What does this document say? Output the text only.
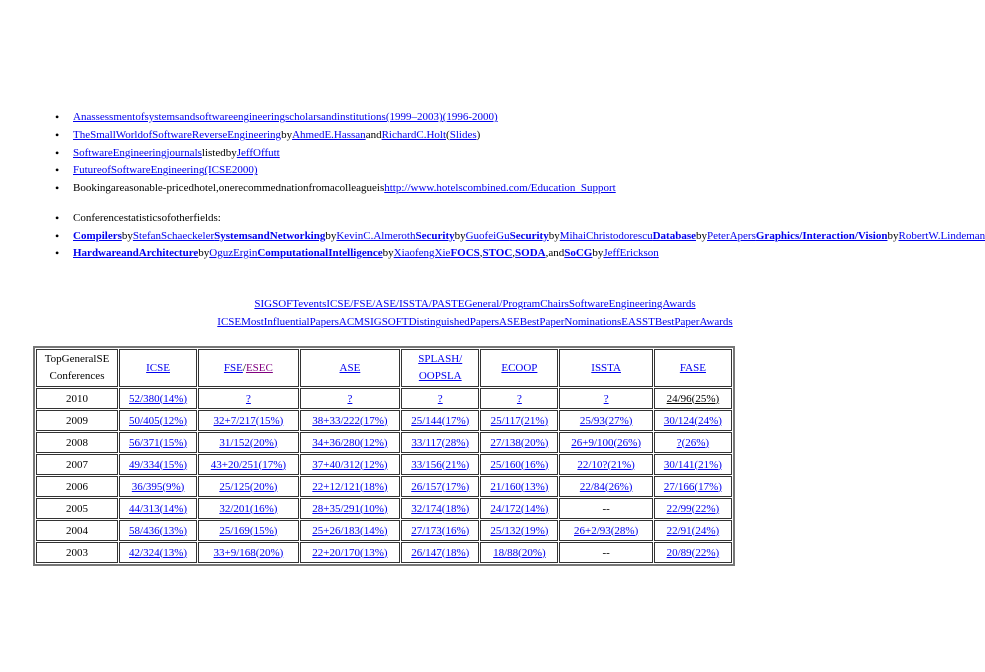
• Anassessmentofsystemsandsoftwareengineeringscholarsandinstitutions(1999–2003)(1996-2000)
• TheSmallWorldofSoftwareReverseEngineeringbyAhmedE.HassanandRichardC.Holt(Slides)
• SoftwareEngineeringjournalslistedbyJeffOffutt
• FutureofSoftwareEngineering(ICSE2000)
• Bookingareasonable-pricedhotel,onerecommednationfromacolleagueishttp://www.hotelscombined.com/Education_Support
• Conferencestatisticsofotherfields:
• CompilersbyStefanSchaeckelerSystemsandNetworkingbyKevinC.AlmerothSecuritybyGuofeiGuSecuritybyMihaiChristodorescuDatabasebyPeterApersGraphics/Interaction/VisionbyRobertW.Lindeman
• HardwareandArchitecturebyOguzErginComputationalIntelligencebyXiaofengXieFOCS,STOC,SODA,andSoCGbyJeffErickson
SIGSOFTeventsICSE/FSE/ASE/ISSTA/PASTEGeneral/ProgramChairsSoftwareEngineeringAwards
ICSEMostInfluentialPapersACMSIGSOFTDistinguishedPapersASEBestPaperNominationsEASSTBestPaperAwards
TopGeneralSE
Conferences	ICSE	FSE/ESEC	ASE	SPLASH/
OOPSLA	ECOOP	ISSTA	FASE
2010	52/380(14%)	?	?	?	?	?	24/96(25%)
2009	50/405(12%)	32+7/217(15%)	38+33/222(17%)	25/144(17%)	25/117(21%)	25/93(27%)	30/124(24%)
2008	56/371(15%)	31/152(20%)	34+36/280(12%)	33/117(28%)	27/138(20%)	26+9/100(26%)	?(26%)
2007	49/334(15%)	43+20/251(17%)	37+40/312(12%)	33/156(21%)	25/160(16%)	22/10?(21%)	30/141(21%)
2006	36/395(9%)	25/125(20%)	22+12/121(18%)	26/157(17%)	21/160(13%)	22/84(26%)	27/166(17%)
2005	44/313(14%)	32/201(16%)	28+35/291(10%)	32/174(18%)	24/172(14%)	--	22/99(22%)
2004	58/436(13%)	25/169(15%)	25+26/183(14%)	27/173(16%)	25/132(19%)	26+2/93(28%)	22/91(24%)
2003	42/324(13%)	33+9/168(20%)	22+20/170(13%)	26/147(18%)	18/88(20%)	--	20/89(22%)
